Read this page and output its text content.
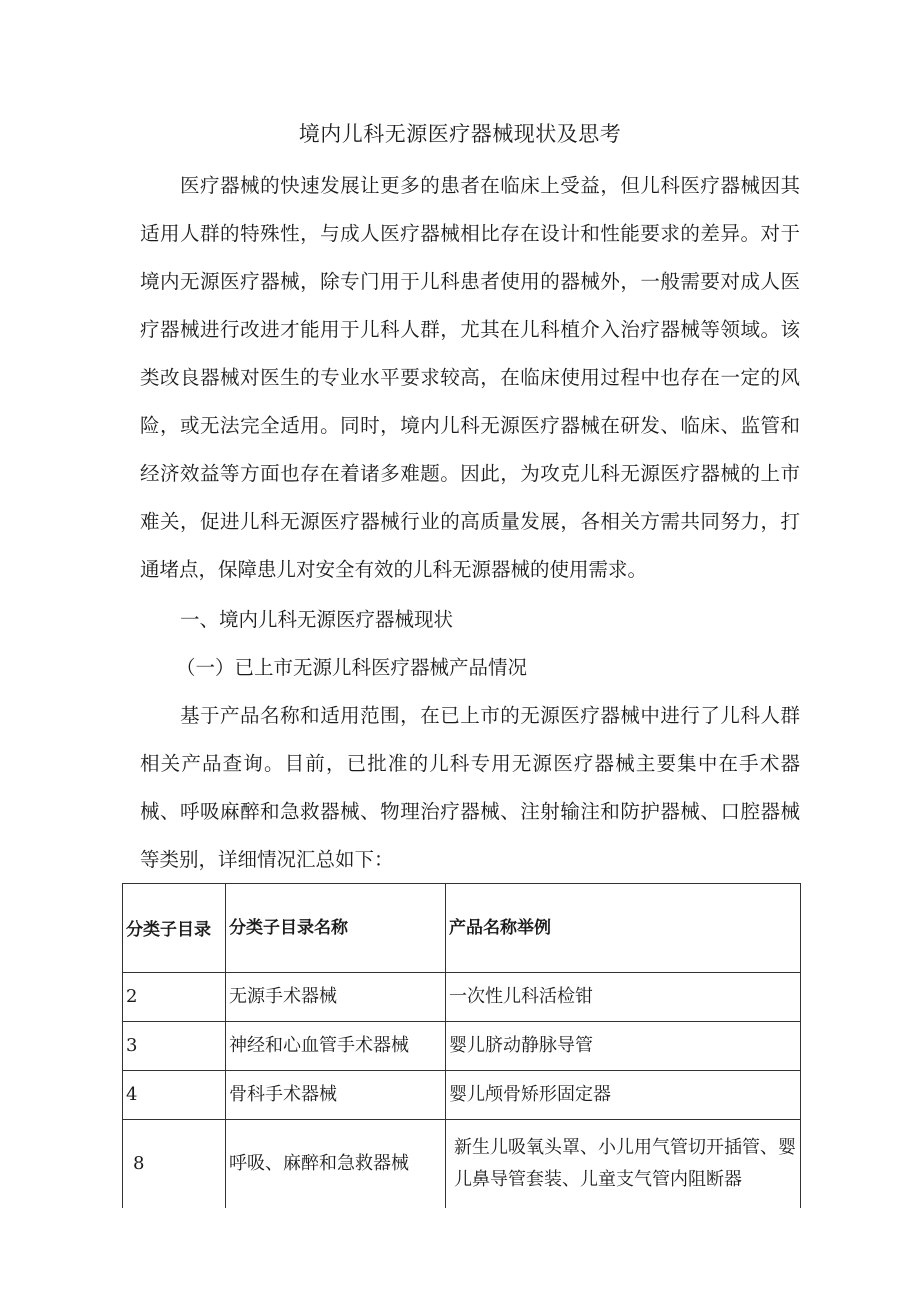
境内儿科无源医疗器械现状及思考

医疗器械的快速发展让更多的患者在临床上受益，但儿科医疗器械因其适用人群的特殊性，与成人医疗器械相比存在设计和性能要求的差异。对于境内无源医疗器械，除专门用于儿科患者使用的器械外，一般需要对成人医疗器械进行改进才能用于儿科人群，尤其在儿科植介入治疗器械等领域。该类改良器械对医生的专业水平要求较高，在临床使用过程中也存在一定的风险，或无法完全适用。同时，境内儿科无源医疗器械在研发、临床、监管和经济效益等方面也存在着诸多难题。因此，为攻克儿科无源医疗器械的上市难关，促进儿科无源医疗器械行业的高质量发展，各相关方需共同努力，打通堵点，保障患儿对安全有效的儿科无源器械的使用需求。

一、境内儿科无源医疗器械现状
（一）已上市无源儿科医疗器械产品情况

基于产品名称和适用范围，在已上市的无源医疗器械中进行了儿科人群相关产品查询。目前，已批准的儿科专用无源医疗器械主要集中在手术器械、呼吸麻醉和急救器械、物理治疗器械、注射输注和防护器械、口腔器械等类别，详细情况汇总如下：

分类子目录	分类子目录名称	产品名称举例
2	无源手术器械	一次性儿科活检钳
3	神经和心血管手术器械	婴儿脐动静脉导管
4	骨科手术器械	婴儿颅骨矫形固定器
8	呼吸、麻醉和急救器械	新生儿吸氧头罩、小儿用气管切开插管、婴儿鼻导管套装、儿童支气管内阻断器
